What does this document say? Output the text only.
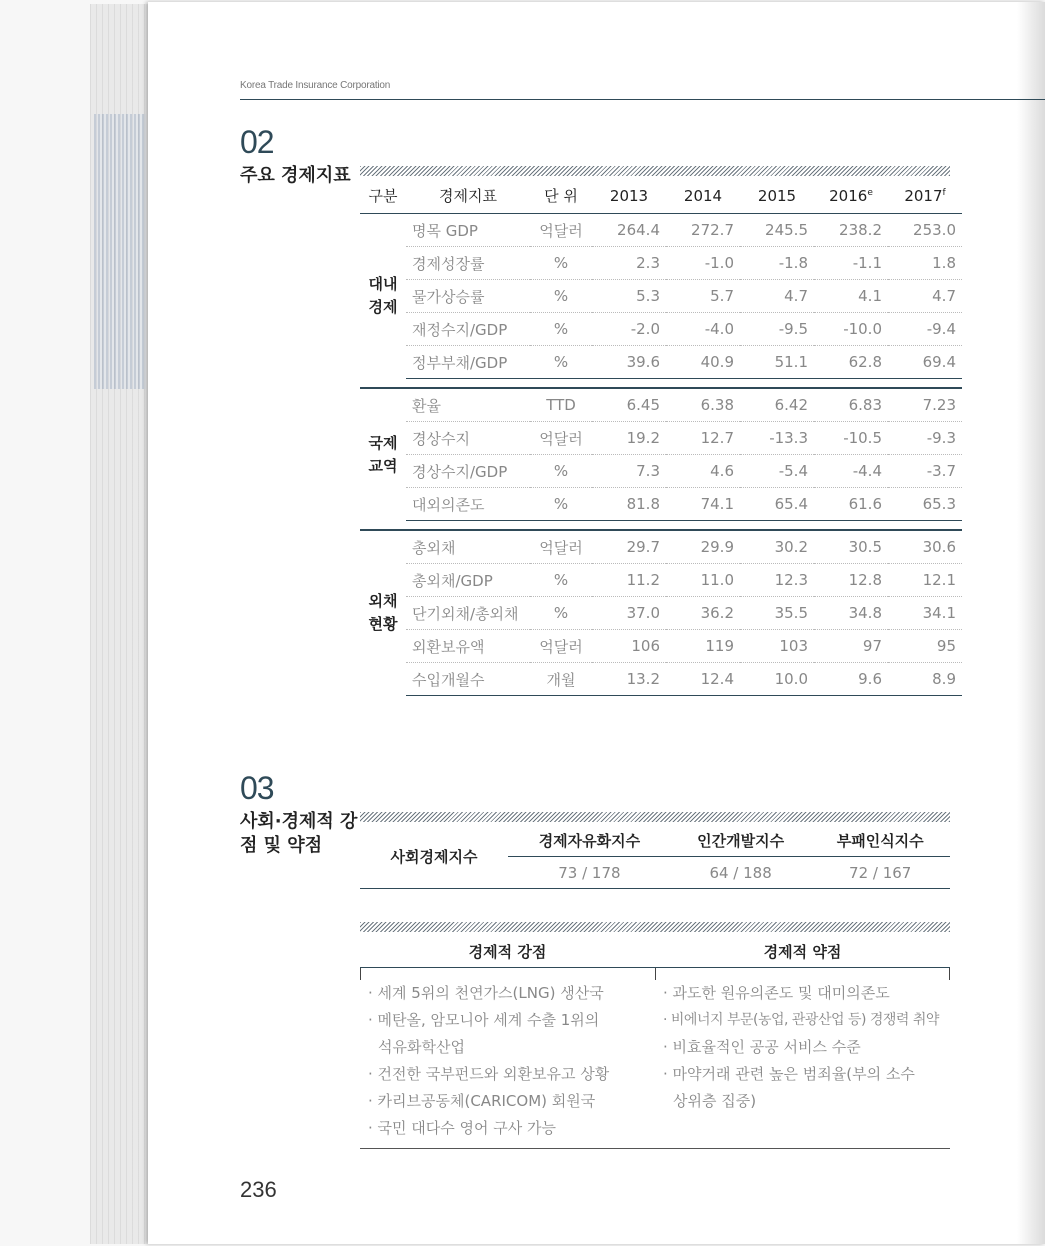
Korea Trade Insurance Corporation
02
주요 경제지표
구분	경제지표	단 위	2013	2014	2015	2016e	2017$^f$
대내 경제	명목 GDP	억달러	264.4	272.7	245.5	238.2	253.0
	경제성장률	%	2.3	-1.0	-1.8	-1.1	1.8
	물가상승률	%	5.3	5.7	4.7	4.1	4.7
	재정수지/GDP	%	-2.0	-4.0	-9.5	-10.0	-9.4
	정부부채/GDP	%	39.6	40.9	51.1	62.8	69.4

국제 교역	환율	TTD	6.45	6.38	6.42	6.83	7.23
	경상수지	억달러	19.2	12.7	-13.3	-10.5	-9.3
	경상수지/GDP	%	7.3	4.6	-5.4	-4.4	-3.7
	대외의존도	%	81.8	74.1	65.4	61.6	65.3

외채 현황	총외채	억달러	29.7	29.9	30.2	30.5	30.6
	총외채/GDP	%	11.2	11.0	12.3	12.8	12.1
	단기외채/총외채	%	37.0	36.2	35.5	34.8	34.1
	외환보유액	억달러	106	119	103	97	95
	수입개월수	개월	13.2	12.4	10.0	9.6	8.9
03
사회·경제적 강점 및 약점
사회경제지수	경제자유화지수	인간개발지수	부패인식지수
	73 / 178	64 / 188	72 / 167
경제적 강점	경제적 약점
· 세계 5위의 천연가스(LNG) 생산국
· 메탄올, 암모니아 세계 수출 1위의 석유화학산업
· 건전한 국부펀드와 외환보유고 상황
· 카리브공동체(CARICOM) 회원국
· 국민 대다수 영어 구사 가능
· 과도한 원유의존도 및 대미의존도
· 비에너지 부문(농업, 관광산업 등) 경쟁력 취약
· 비효율적인 공공 서비스 수준
· 마약거래 관련 높은 범죄율(부의 소수 상위층 집중)
236
